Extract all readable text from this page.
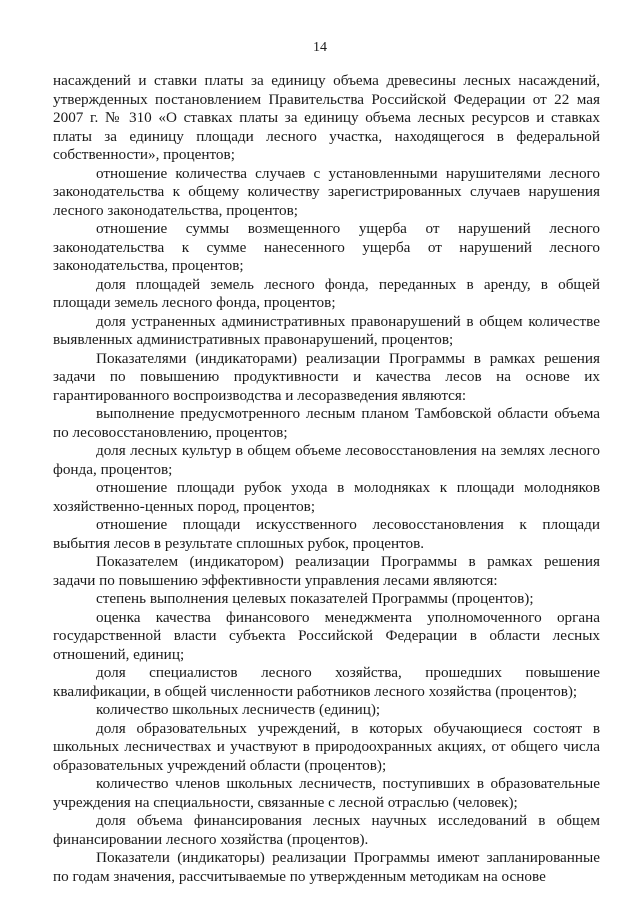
14

насаждений и ставки платы за единицу объема древесины лесных насаждений, утвержденных постановлением Правительства Российской Федерации от 22 мая 2007 г. № 310 «О ставках платы за единицу объема лесных ресурсов и ставках платы за единицу площади лесного участка, находящегося в федеральной собственности», процентов;

отношение количества случаев с установленными нарушителями лесного законодательства к общему количеству зарегистрированных случаев нарушения лесного законодательства, процентов;

отношение суммы возмещенного ущерба от нарушений лесного законодательства к сумме нанесенного ущерба от нарушений лесного законодательства, процентов;

доля площадей земель лесного фонда, переданных в аренду, в общей площади земель лесного фонда, процентов;

доля устраненных административных правонарушений в общем количестве выявленных административных правонарушений, процентов;

Показателями (индикаторами) реализации Программы в рамках решения задачи по повышению продуктивности и качества лесов на основе их гарантированного воспроизводства и лесоразведения являются:

выполнение предусмотренного лесным планом Тамбовской области объема по лесовосстановлению, процентов;

доля лесных культур в общем объеме лесовосстановления на землях лесного фонда, процентов;

отношение площади рубок ухода в молодняках к площади молодняков хозяйственно-ценных пород, процентов;

отношение площади искусственного лесовосстановления к площади выбытия лесов в результате сплошных рубок, процентов.

Показателем (индикатором) реализации Программы в рамках решения задачи по повышению эффективности управления лесами являются:

степень выполнения целевых показателей Программы (процентов);

оценка качества финансового менеджмента уполномоченного органа государственной власти субъекта Российской Федерации в области лесных отношений, единиц;

доля специалистов лесного хозяйства, прошедших повышение квалификации, в общей численности работников лесного хозяйства (процентов);

количество школьных лесничеств (единиц);

доля образовательных учреждений, в которых обучающиеся состоят в школьных лесничествах и участвуют в природоохранных акциях, от общего числа образовательных учреждений области (процентов);

количество членов школьных лесничеств, поступивших в образовательные учреждения на специальности, связанные с лесной отраслью (человек);

доля объема финансирования лесных научных исследований в общем финансировании лесного хозяйства (процентов).

Показатели (индикаторы) реализации Программы имеют запланированные по годам значения, рассчитываемые по утвержденным методикам на основе
